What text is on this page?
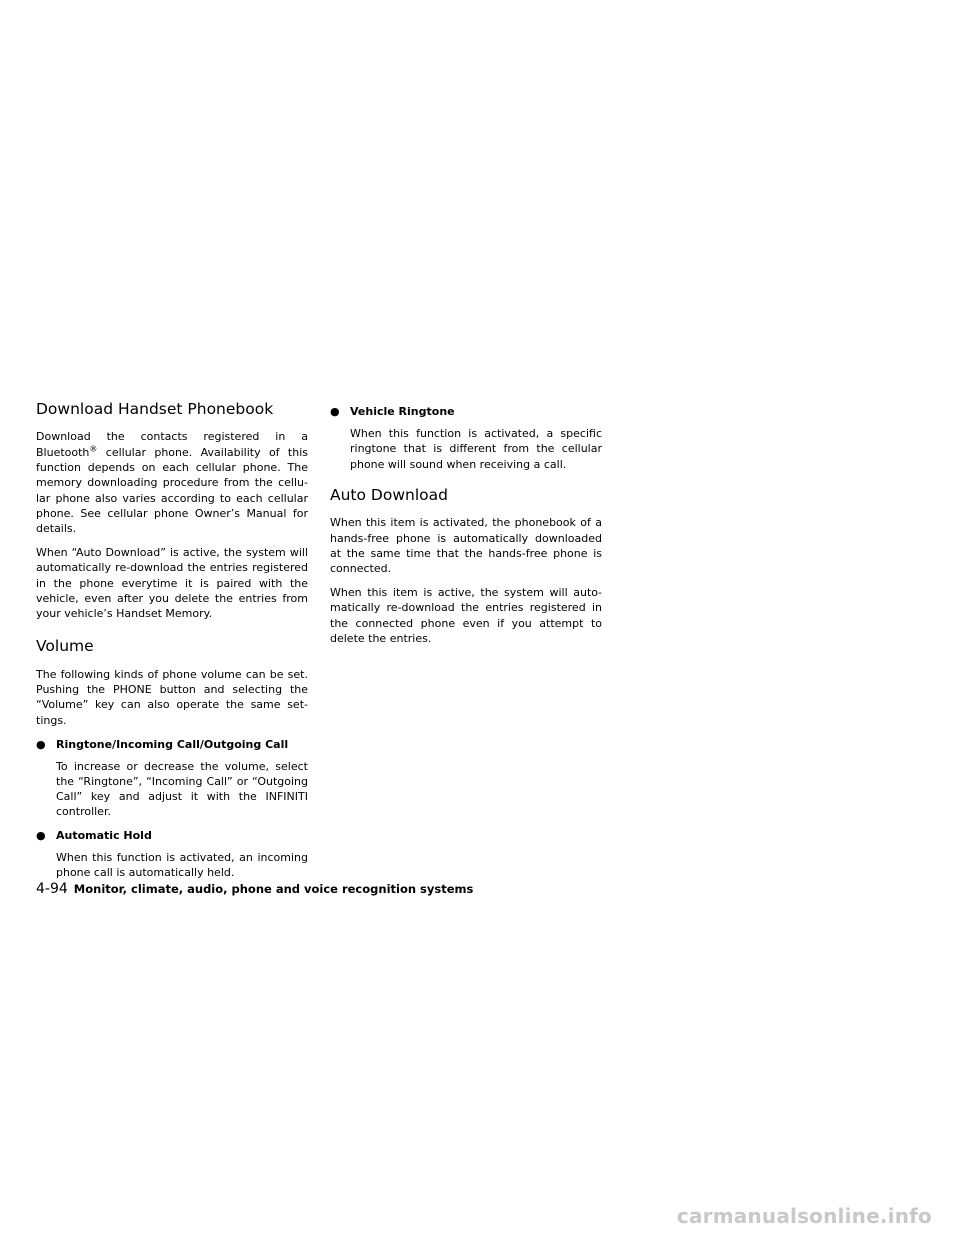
Download Handset Phonebook

Download the contacts registered in a Bluetooth® cellular phone. Availability of this function depends on each cellular phone. The memory downloading procedure from the cellular phone also varies according to each cellular phone. See cellular phone Owner’s Manual for details.

When “Auto Download” is active, the system will automatically re-download the entries registered in the phone everytime it is paired with the vehicle, even after you delete the entries from your vehicle’s Handset Memory.

Volume

The following kinds of phone volume can be set. Pushing the PHONE button and selecting the “Volume” key can also operate the same settings.

● Ringtone/Incoming Call/Outgoing Call

To increase or decrease the volume, select the “Ringtone”, “Incoming Call” or “Outgoing Call” key and adjust it with the INFINITI controller.

● Automatic Hold

When this function is activated, an incoming phone call is automatically held.

● Vehicle Ringtone

When this function is activated, a specific ringtone that is different from the cellular phone will sound when receiving a call.

Auto Download

When this item is activated, the phonebook of a hands-free phone is automatically downloaded at the same time that the hands-free phone is connected.

When this item is active, the system will automatically re-download the entries registered in the connected phone even if you attempt to delete the entries.

4-94 Monitor, climate, audio, phone and voice recognition systems
carmanualsonline.info
